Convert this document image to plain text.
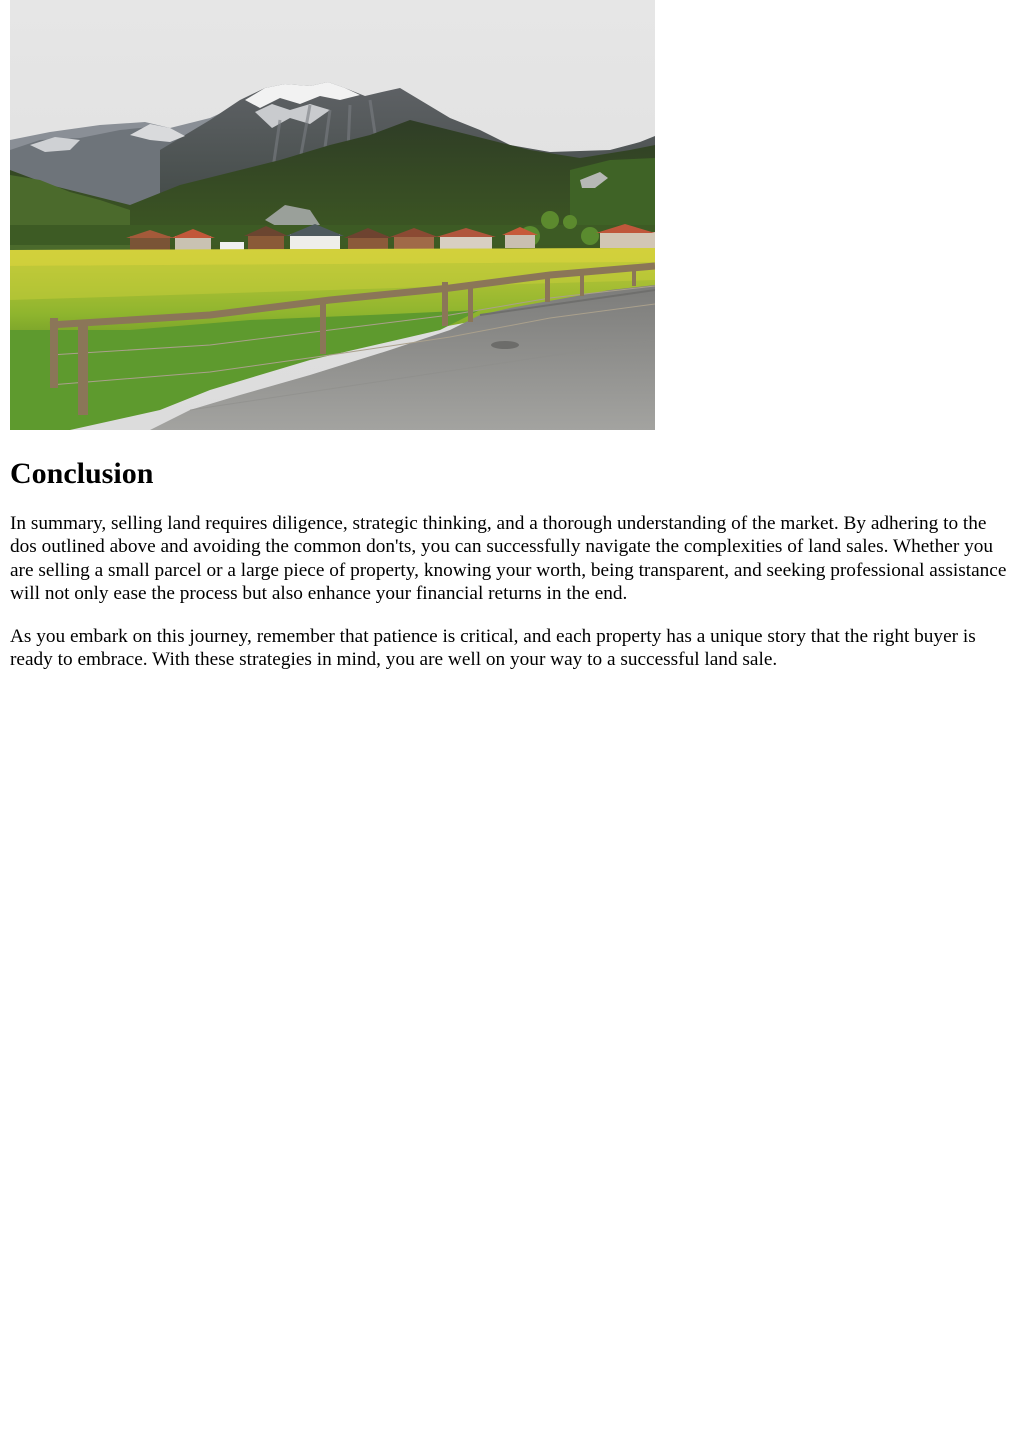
Conclusion

In summary, selling land requires diligence, strategic thinking, and a thorough understanding of the market. By adhering to the dos outlined above and avoiding the common don'ts, you can successfully navigate the complexities of land sales. Whether you are selling a small parcel or a large piece of property, knowing your worth, being transparent, and seeking professional assistance will not only ease the process but also enhance your financial returns in the end.

As you embark on this journey, remember that patience is critical, and each property has a unique story that the right buyer is ready to embrace. With these strategies in mind, you are well on your way to a successful land sale.
